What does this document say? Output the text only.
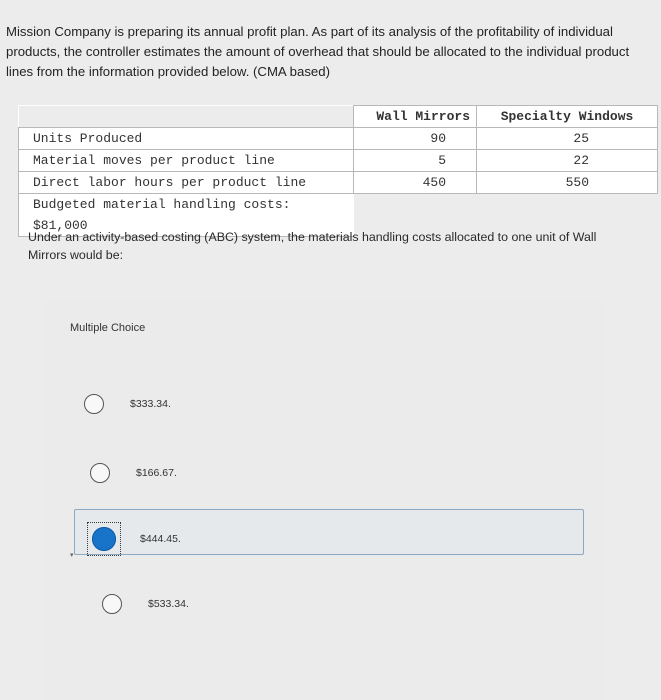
Mission Company is preparing its annual profit plan. As part of its analysis of the profitability of individual products, the controller estimates the amount of overhead that should be allocated to the individual product lines from the information provided below. (CMA based)
	Wall Mirrors	Specialty Windows
Units Produced	90	25
Material moves per product line	5	22
Direct labor hours per product line	450	550
Budgeted material handling costs: $81,000		
Under an activity-based costing (ABC) system, the materials handling costs allocated to one unit of Wall Mirrors would be:
Multiple Choice
$333.34.
$166.67.
$444.45.
▾
$533.34.
